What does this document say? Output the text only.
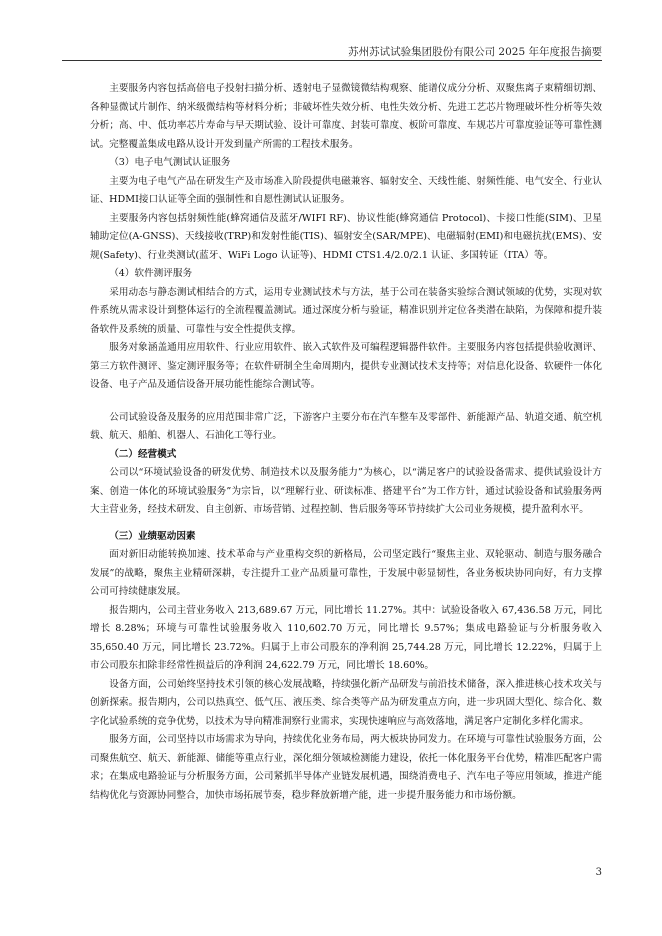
苏州苏试试验集团股份有限公司 2025 年年度报告摘要

主要服务内容包括高倍电子投射扫描分析、透射电子显微镜微结构观察、能谱仪成分分析、双聚焦离子束精细切割、各种显微试片制作、纳米级微结构等材料分析；非破坏性失效分析、电性失效分析、先进工艺芯片物理破坏性分析等失效分析；高、中、低功率芯片寿命与早天期试验、设计可靠度、封装可靠度、板阶可靠度、车规芯片可靠度验证等可靠性测试。完整覆盖集成电路从设计开发到量产所需的工程技术服务。

（3）电子电气测试认证服务

主要为电子电气产品在研发生产及市场准入阶段提供电磁兼容、辐射安全、天线性能、射频性能、电气安全、行业认证、HDMI接口认证等全面的强制性和自愿性测试认证服务。

主要服务内容包括射频性能(蜂窝通信及蓝牙/WIFI RF)、协议性能(蜂窝通信 Protocol)、卡接口性能(SIM)、卫星辅助定位(A-GNSS)、天线接收(TRP)和发射性能(TIS)、辐射安全(SAR/MPE)、电磁辐射(EMI)和电磁抗扰(EMS)、安规(Safety)、行业类测试(蓝牙、WiFi Logo 认证等)、HDMI CTS1.4/2.0/2.1 认证、多国转证（ITA）等。

（4）软件测评服务

采用动态与静态测试相结合的方式，运用专业测试技术与方法，基于公司在装备实验综合测试领域的优势，实现对软件系统从需求设计到整体运行的全流程覆盖测试。通过深度分析与验证，精准识别并定位各类潜在缺陷，为保障和提升装备软件及系统的质量、可靠性与安全性提供支撑。

服务对象涵盖通用应用软件、行业应用软件、嵌入式软件及可编程逻辑器件软件。主要服务内容包括提供验收测评、第三方软件测评、鉴定测评服务等；在软件研制全生命周期内，提供专业测试技术支持等；对信息化设备、软硬件一体化设备、电子产品及通信设备开展功能性能综合测试等。

公司试验设备及服务的应用范围非常广泛，下游客户主要分布在汽车整车及零部件、新能源产品、轨道交通、航空机载、航天、船舶、机器人、石油化工等行业。

（二）经营模式

公司以“环境试验设备的研发优势、制造技术以及服务能力”为核心，以“满足客户的试验设备需求、提供试验设计方案、创造一体化的环境试验服务”为宗旨，以“理解行业、研读标准、搭建平台”为工作方针，通过试验设备和试验服务两大主营业务，经技术研发、自主创新、市场营销、过程控制、售后服务等环节持续扩大公司业务规模，提升盈利水平。

（三）业绩驱动因素

面对新旧动能转换加速、技术革命与产业重构交织的新格局，公司坚定践行“聚焦主业、双轮驱动、制造与服务融合发展”的战略，聚焦主业精研深耕，专注提升工业产品质量可靠性，于发展中彰显韧性，各业务板块协同向好，有力支撑公司可持续健康发展。

报告期内，公司主营业务收入 213,689.67 万元，同比增长 11.27%。其中：试验设备收入 67,436.58 万元，同比增长 8.28%；环境与可靠性试验服务收入 110,602.70 万元，同比增长 9.57%；集成电路验证与分析服务收入 35,650.40 万元，同比增长 23.72%。归属于上市公司股东的净利润 25,744.28 万元，同比增长 12.22%，归属于上市公司股东扣除非经常性损益后的净利润 24,622.79 万元，同比增长 18.60%。

设备方面，公司始终坚持技术引领的核心发展战略，持续强化新产品研发与前沿技术储备，深入推进核心技术攻关与创新探索。报告期内，公司以热真空、低气压、液压类、综合类等产品为研发重点方向，进一步巩固大型化、综合化、数字化试验系统的竞争优势，以技术为导向精准洞察行业需求，实现快速响应与高效落地，满足客户定制化多样化需求。

服务方面，公司坚持以市场需求为导向，持续优化业务布局，两大板块协同发力。在环境与可靠性试验服务方面，公司聚焦航空、航天、新能源、储能等重点行业，深化细分领域检测能力建设，依托一体化服务平台优势，精准匹配客户需求；在集成电路验证与分析服务方面，公司紧抓半导体产业链发展机遇，围绕消费电子、汽车电子等应用领域，推进产能结构优化与资源协同整合，加快市场拓展节奏，稳步释放新增产能，进一步提升服务能力和市场份额。

3
